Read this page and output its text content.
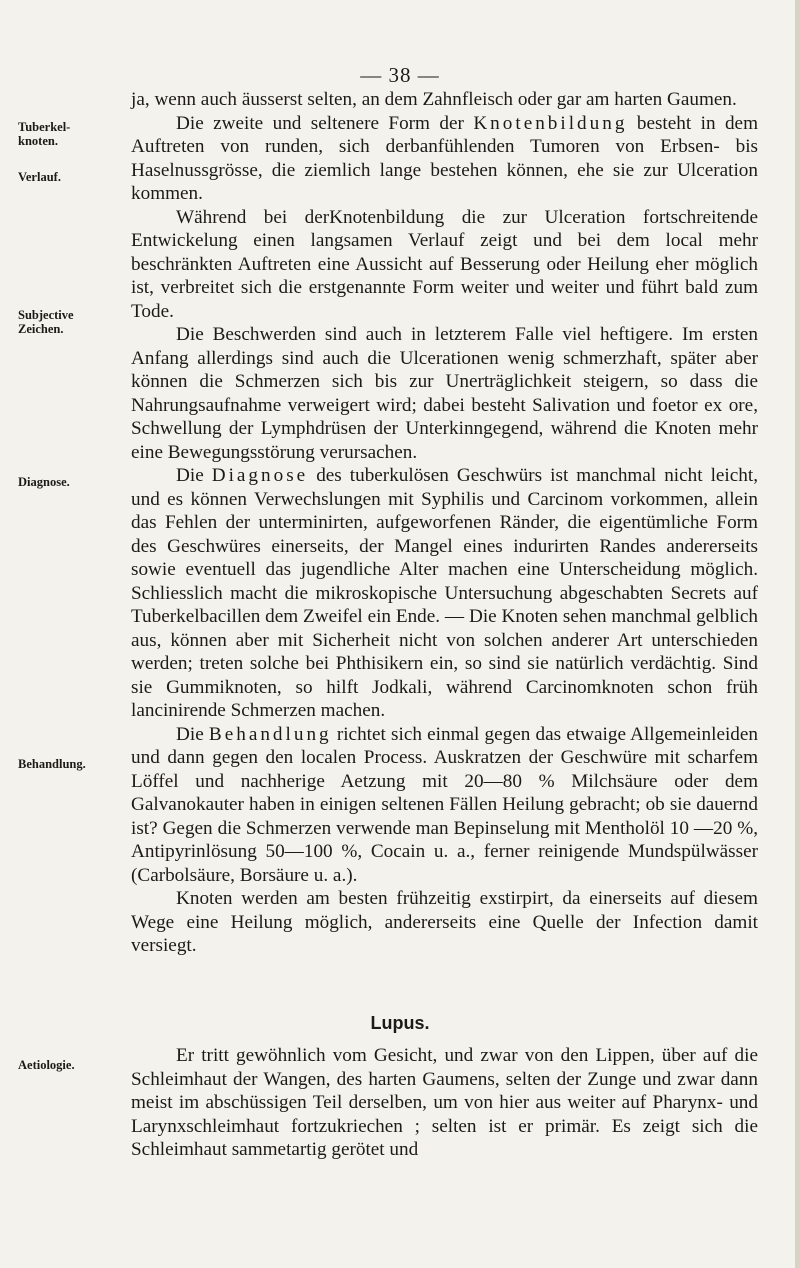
— 38 —
Tuberkel- knoten.
Verlauf.
Subjective Zeichen.
Diagnose.
Behandlung.
Aetiologie.

ja, wenn auch äusserst selten, an dem Zahnfleisch oder gar am harten Gaumen.

Die zweite und seltenere Form der Knotenbildung besteht in dem Auftreten von runden, sich derbanfühlenden Tumoren von Erbsen- bis Haselnussgrösse, die ziemlich lange bestehen können, ehe sie zur Ulceration kommen.

Während bei derKnotenbildung die zur Ulceration fortschreitende Entwickelung einen langsamen Verlauf zeigt und bei dem local mehr beschränkten Auftreten eine Aussicht auf Besserung oder Heilung eher möglich ist, verbreitet sich die erstgenannte Form weiter und weiter und führt bald zum Tode.

Die Beschwerden sind auch in letzterem Falle viel heftigere. Im ersten Anfang allerdings sind auch die Ulcerationen wenig schmerzhaft, später aber können die Schmerzen sich bis zur Unerträglichkeit steigern, so dass die Nahrungsaufnahme verweigert wird; dabei besteht Salivation und foetor ex ore, Schwellung der Lymphdrüsen der Unterkinngegend, während die Knoten mehr eine Bewegungsstörung verursachen.

Die Diagnose des tuberkulösen Geschwürs ist manchmal nicht leicht, und es können Verwechslungen mit Syphilis und Carcinom vorkommen, allein das Fehlen der unterminirten, aufgeworfenen Ränder, die eigentümliche Form des Geschwüres einerseits, der Mangel eines indurirten Randes andererseits sowie eventuell das jugendliche Alter machen eine Unterscheidung möglich. Schliesslich macht die mikroskopische Untersuchung abgeschabten Secrets auf Tuberkelbacillen dem Zweifel ein Ende. — Die Knoten sehen manchmal gelblich aus, können aber mit Sicherheit nicht von solchen anderer Art unterschieden werden; treten solche bei Phthisikern ein, so sind sie natürlich verdächtig. Sind sie Gummiknoten, so hilft Jodkali, während Carcinomknoten schon früh lancinirende Schmerzen machen.

Die Behandlung richtet sich einmal gegen das etwaige Allgemeinleiden und dann gegen den localen Process. Auskratzen der Geschwüre mit scharfem Löffel und nachherige Aetzung mit 20—80 % Milchsäure oder dem Galvanokauter haben in einigen seltenen Fällen Heilung gebracht; ob sie dauernd ist? Gegen die Schmerzen verwende man Bepinselung mit Mentholöl 10 —20 %, Antipyrinlösung 50—100 %, Cocain u. a., ferner reinigende Mundspülwässer (Carbolsäure, Borsäure u. a.).

Knoten werden am besten frühzeitig exstirpirt, da einerseits auf diesem Wege eine Heilung möglich, andererseits eine Quelle der Infection damit versiegt.

Lupus.

Er tritt gewöhnlich vom Gesicht, und zwar von den Lippen, über auf die Schleimhaut der Wangen, des harten Gaumens, selten der Zunge und zwar dann meist im abschüssigen Teil derselben, um von hier aus weiter auf Pharynx- und Larynxschleimhaut fortzukriechen ; selten ist er primär. Es zeigt sich die Schleimhaut sammetartig gerötet und
